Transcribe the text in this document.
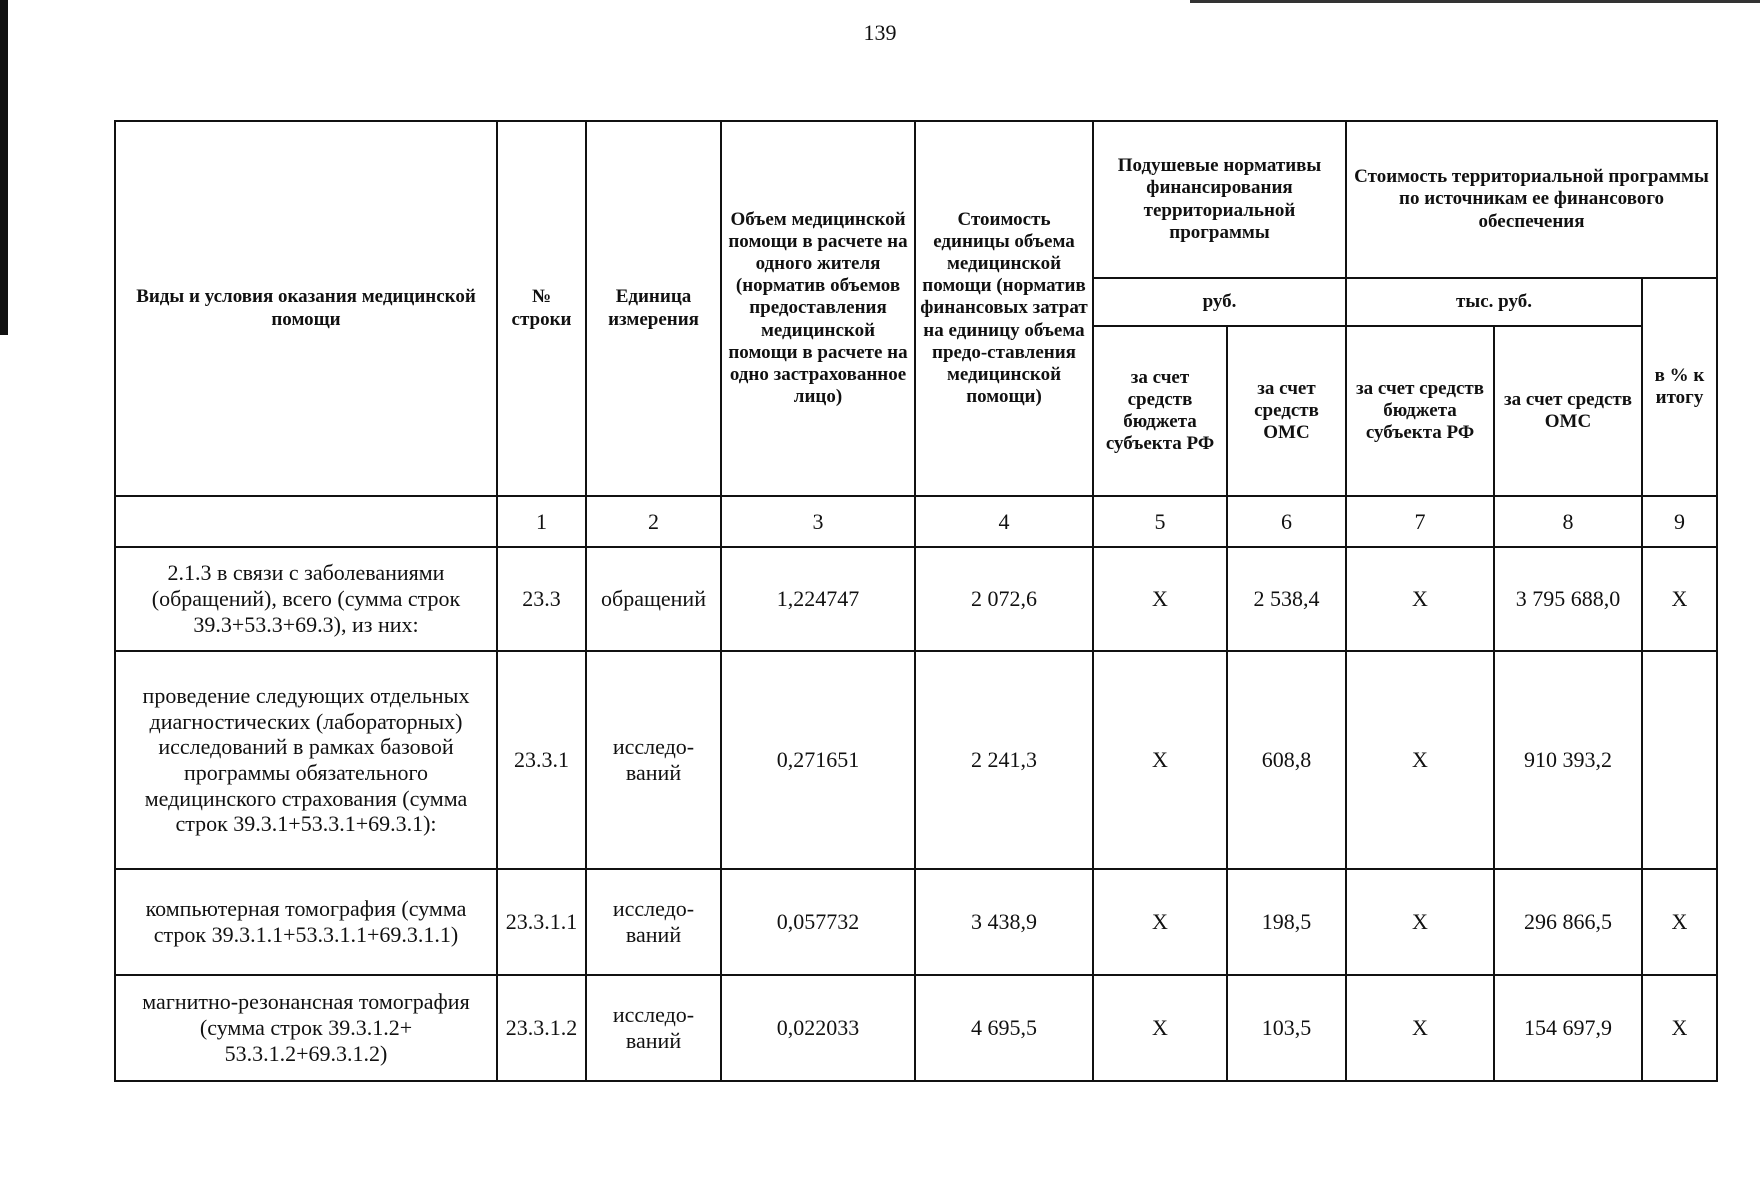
139
Виды и условия оказания медицинской помощи	№ строки	Единица измерения	Объем медицинской помощи в расчете на одного жителя (норматив объемов предоставления медицинской помощи в расчете на одно застрахованное лицо)	Стоимость единицы объема медицинской помощи (норматив финансовых затрат на единицу объема предо-ставления медицинской помощи)	Подушевые нормативы финансирования территориальной программы		Стоимость территориальной программы по источникам ее финансового обеспечения		
					руб.		тыс. руб.		в % к итогу
					за счет средств бюджета субъекта РФ	за счет средств ОМС	за счет средств бюджета субъекта РФ	за счет средств ОМС	
	1	2	3	4	5	6	7	8	9
2.1.3 в связи с заболеваниями (обращений), всего (сумма строк 39.3+53.3+69.3), из них:	23.3	обращений	1,224747	2 072,6	X	2 538,4	X	3 795 688,0	X
проведение следующих отдельных диагностических (лабораторных) исследований в рамках базовой программы обязательного медицинского страхования (сумма строк 39.3.1+53.3.1+69.3.1):	23.3.1	исследо-ваний	0,271651	2 241,3	X	608,8	X	910 393,2	
компьютерная томография (сумма строк 39.3.1.1+53.3.1.1+69.3.1.1)	23.3.1.1	исследо-ваний	0,057732	3 438,9	X	198,5	X	296 866,5	X
магнитно-резонансная томография (сумма строк 39.3.1.2+ 53.3.1.2+69.3.1.2)	23.3.1.2	исследо-ваний	0,022033	4 695,5	X	103,5	X	154 697,9	X
